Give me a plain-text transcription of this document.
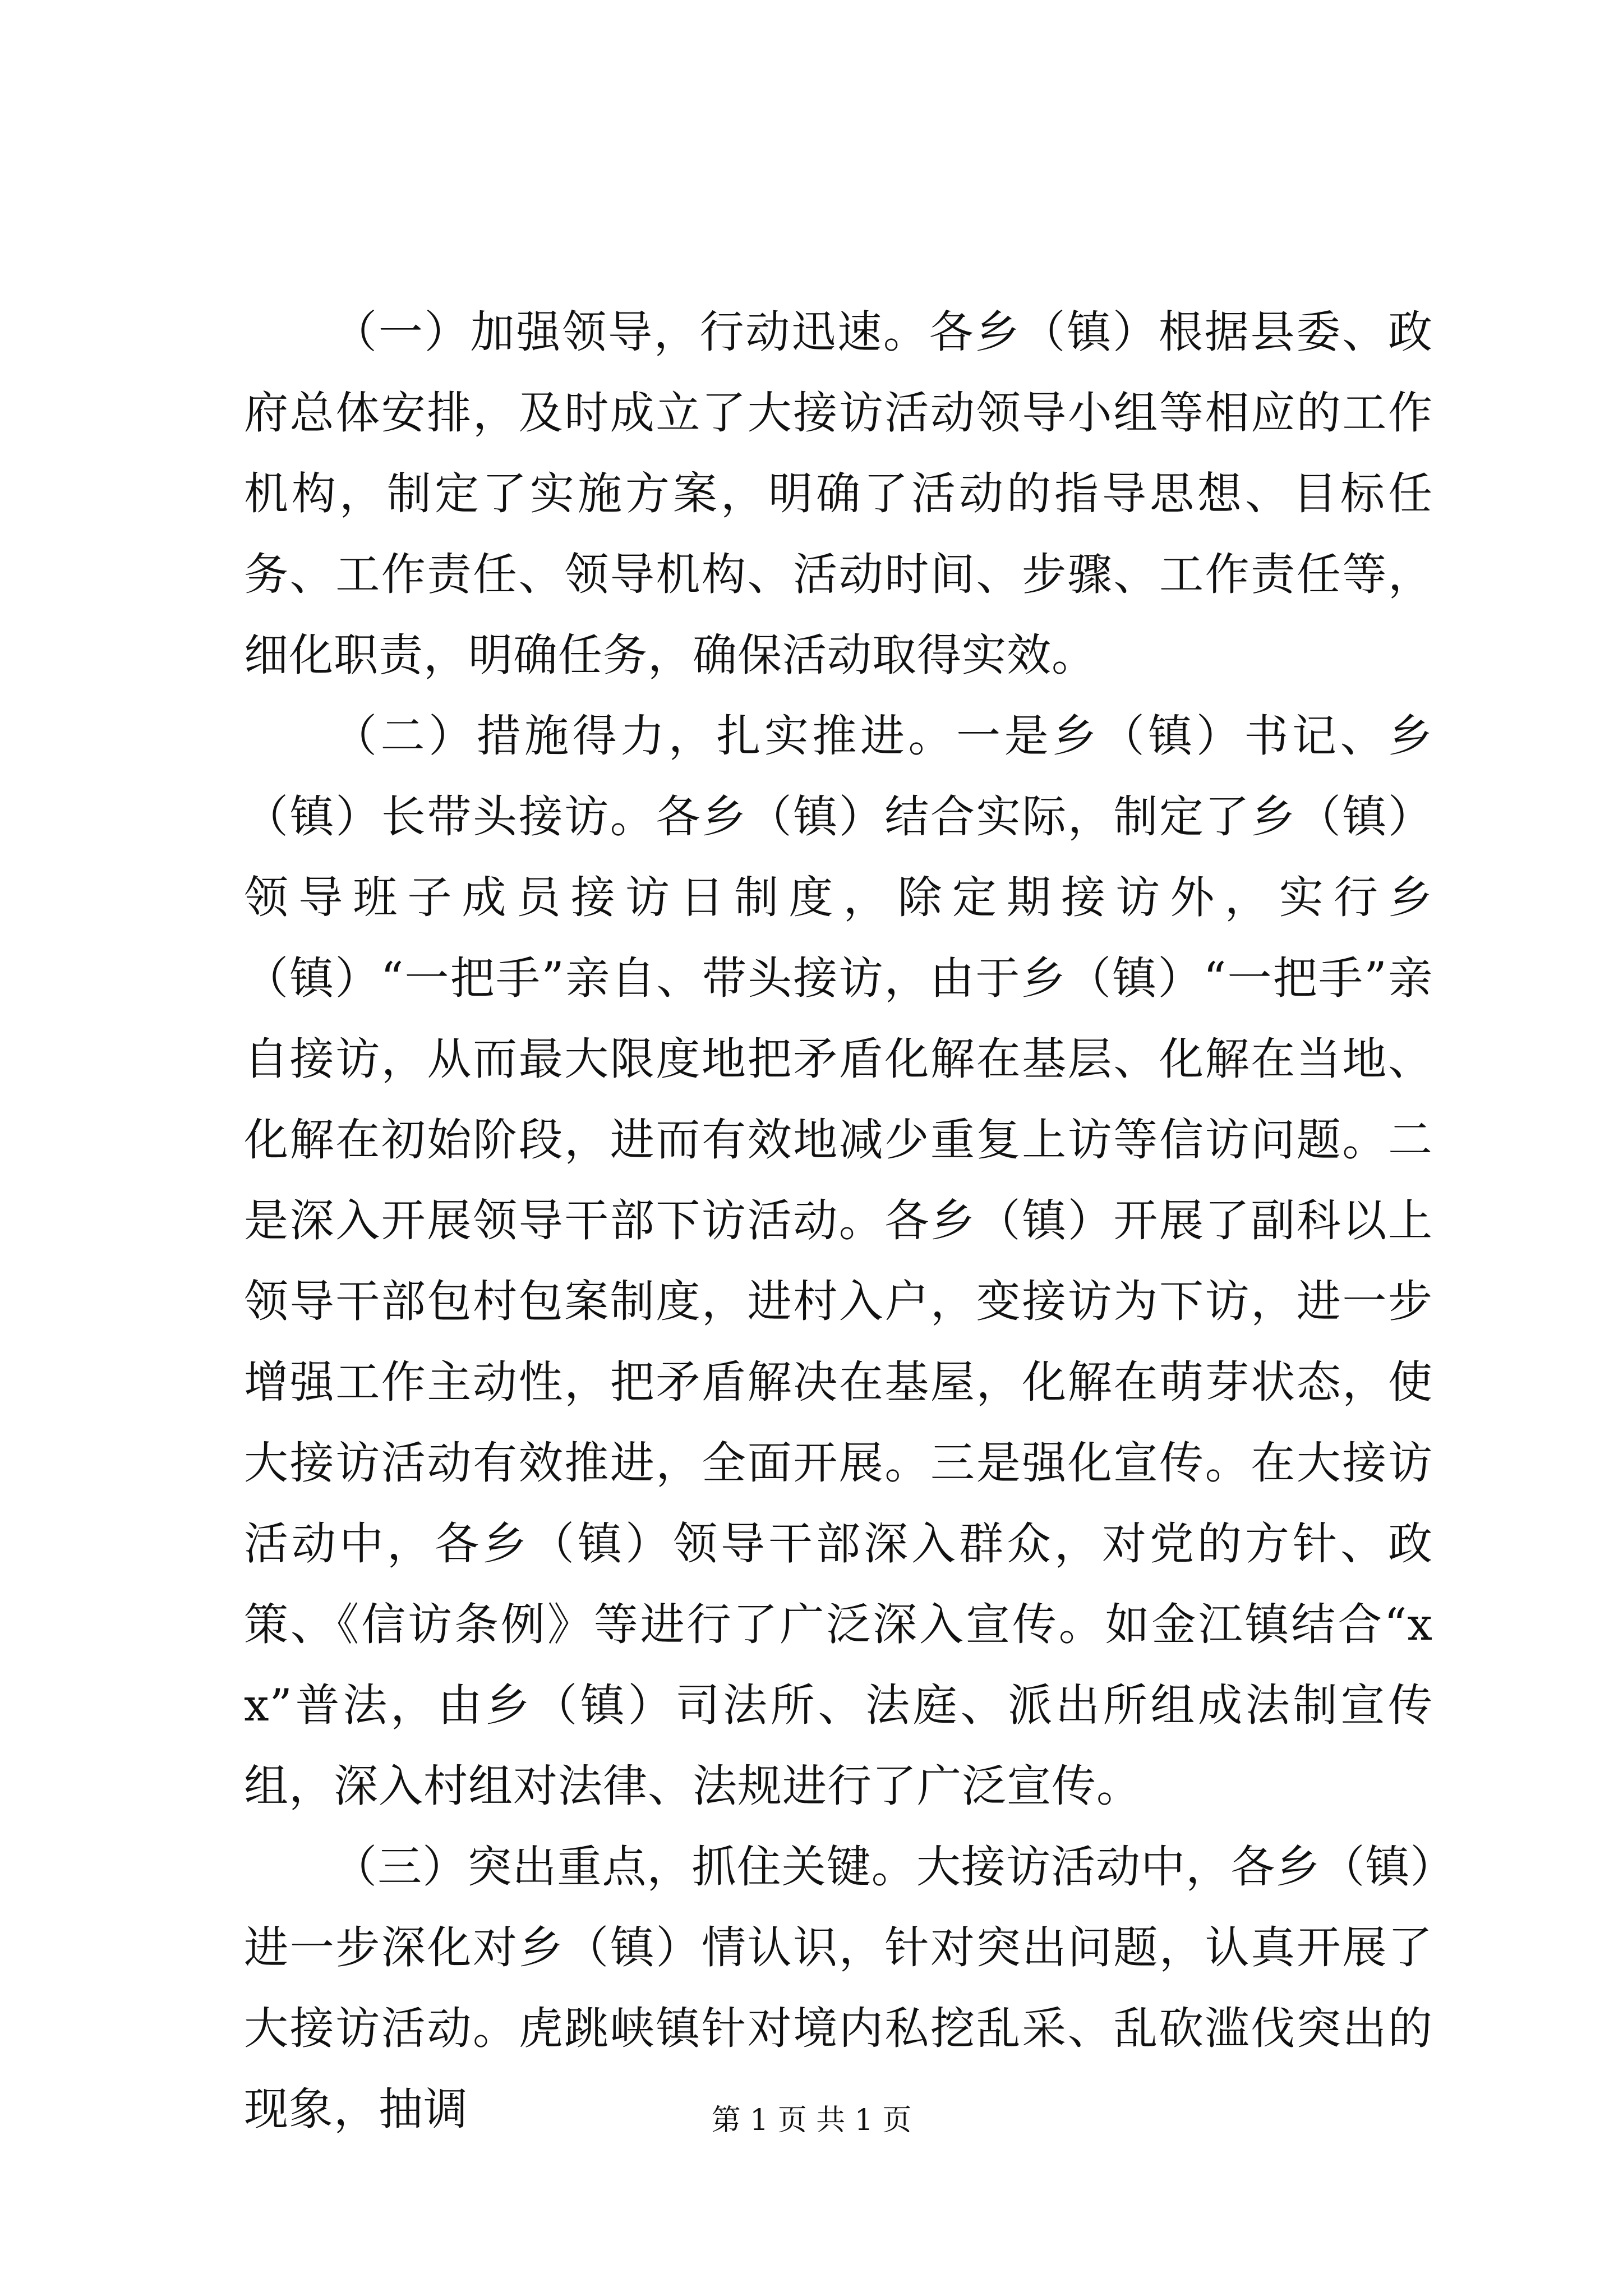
（一）加强领导，行动迅速。各乡（镇）根据县委、政府总体安排，及时成立了大接访活动领导小组等相应的工作机构，制定了实施方案，明确了活动的指导思想、目标任务、工作责任、领导机构、活动时间、步骤、工作责任等，细化职责，明确任务，确保活动取得实效。

（二）措施得力，扎实推进。一是乡（镇）书记、乡（镇）长带头接访。各乡（镇）结合实际，制定了乡（镇）领导班子成员接访日制度，除定期接访外，实行乡（镇）“一把手”亲自、带头接访，由于乡（镇）“一把手”亲自接访，从而最大限度地把矛盾化解在基层、化解在当地、化解在初始阶段，进而有效地减少重复上访等信访问题。二是深入开展领导干部下访活动。各乡（镇）开展了副科以上领导干部包村包案制度，进村入户，变接访为下访，进一步增强工作主动性，把矛盾解决在基屋，化解在萌芽状态，使大接访活动有效推进，全面开展。三是强化宣传。在大接访活动中，各乡（镇）领导干部深入群众，对党的方针、政策、《信访条例》等进行了广泛深入宣传。如金江镇结合“xx”普法，由乡（镇）司法所、法庭、派出所组成法制宣传组，深入村组对法律、法规进行了广泛宣传。

（三）突出重点，抓住关键。大接访活动中，各乡（镇）进一步深化对乡（镇）情认识，针对突出问题，认真开展了大接访活动。虎跳峡镇针对境内私挖乱采、乱砍滥伐突出的现象，抽调	第 1 页 共 1 页
